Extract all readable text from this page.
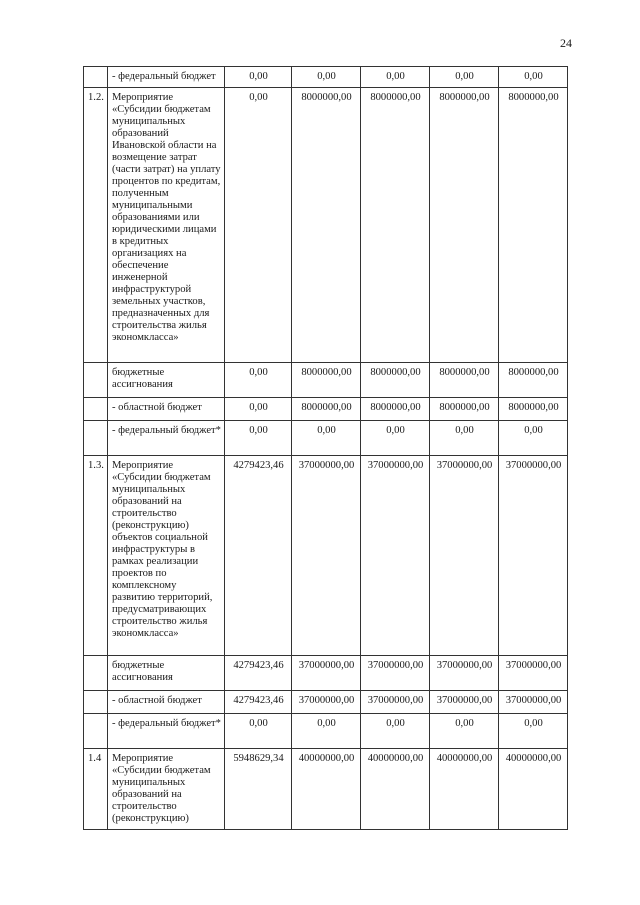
24
	- федеральный бюджет	0,00	0,00	0,00	0,00	0,00
1.2.	Мероприятие «Субсидии бюджетам муниципальных образований Ивановской области на возмещение затрат (части затрат) на уплату процентов по кредитам, полученным муниципальными образованиями или юридическими лицами в кредитных организациях на обеспечение инженерной инфраструктурой земельных участков, предназначенных для строительства жилья экономкласса»	0,00	8000000,00	8000000,00	8000000,00	8000000,00
	бюджетные ассигнования	0,00	8000000,00	8000000,00	8000000,00	8000000,00
	- областной бюджет	0,00	8000000,00	8000000,00	8000000,00	8000000,00
	- федеральный бюджет*	0,00	0,00	0,00	0,00	0,00
1.3.	Мероприятие «Субсидии бюджетам муниципальных образований на строительство (реконструкцию) объектов социальной инфраструктуры в рамках реализации проектов по комплексному развитию территорий, предусматривающих строительство жилья экономкласса»	4279423,46	37000000,00	37000000,00	37000000,00	37000000,00
	бюджетные ассигнования	4279423,46	37000000,00	37000000,00	37000000,00	37000000,00
	- областной бюджет	4279423,46	37000000,00	37000000,00	37000000,00	37000000,00
	- федеральный бюджет*	0,00	0,00	0,00	0,00	0,00
1.4	Мероприятие «Субсидии бюджетам муниципальных образований на строительство (реконструкцию)	5948629,34	40000000,00	40000000,00	40000000,00	40000000,00
